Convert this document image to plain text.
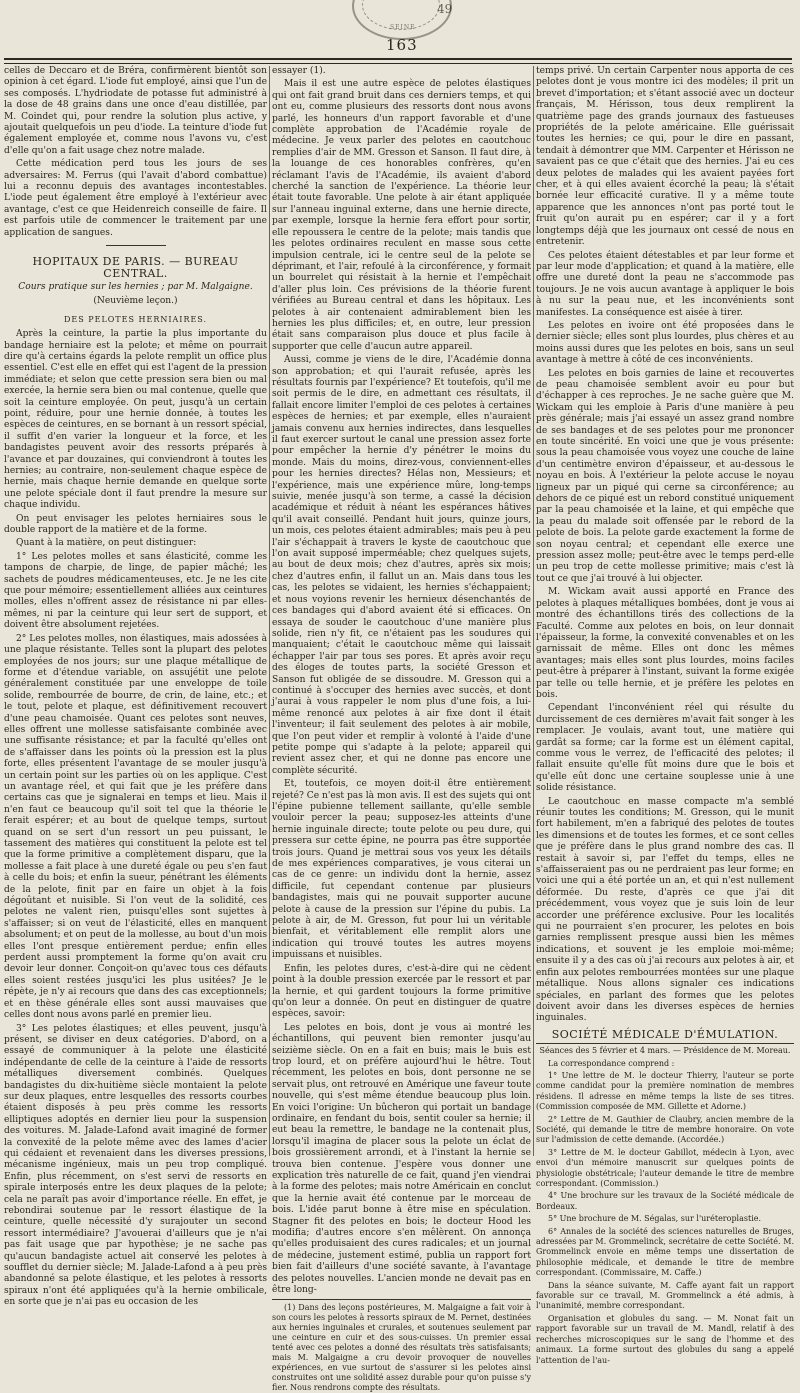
49
SEINE
163

celles de Deccaro et de Bréra, confirmèrent bientôt son opinion à cet égard. L'iode fut employé, ainsi que l'un de ses composés. L'hydriodate de potasse fut administré à la dose de 48 grains dans une once d'eau distillée, par M. Coindet qui, pour rendre la solution plus active, y ajoutait quelquefois un peu d'iode. La teinture d'iode fut également employée et, comme nous l'avons vu, c'est d'elle qu'on a fait usage chez notre malade.

Cette médication perd tous les jours de ses adversaires: M. Ferrus (qui l'avait d'abord combattue) lui a reconnu depuis des avantages incontestables. L'iode peut également être employé à l'extérieur avec avantage, c'est ce que Heidenreich conseille de faire. Il est parfois utile de commencer le traitement par une application de sangues.

HOPITAUX DE PARIS. — BUREAU CENTRAL.

Cours pratique sur les hernies ; par M. Malgaigne.

(Neuvième leçon.)

DES PELOTES HERNIAIRES.

Après la ceinture, la partie la plus importante du bandage herniaire est la pelote; et même on pourrait dire qu'à certains égards la pelote remplit un office plus essentiel. C'est elle en effet qui est l'agent de la pression immédiate; et selon que cette pression sera bien ou mal exercée, la hernie sera bien ou mal contenue, quelle que soit la ceinture employée. On peut, jusqu'à un certain point, réduire, pour une hernie donnée, à toutes les espèces de ceintures, en se bornant à un ressort spécial, il suffit d'en varier la longueur et la force, et les bandagistes peuvent avoir des ressorts préparés à l'avance et par douzaines, qui conviendront à toutes les hernies; au contraire, non-seulement chaque espèce de hernie, mais chaque hernie demande en quelque sorte une pelote spéciale dont il faut prendre la mesure sur chaque individu.

On peut envisager les pelotes herniaires sous le double rapport de la matière et de la forme.

Quant à la matière, on peut distinguer:

1° Les pelotes molles et sans élasticité, comme les tampons de charpie, de linge, de papier mâché; les sachets de poudres médicamenteuses, etc. Je ne les cite que pour mémoire; essentiellement alliées aux ceintures molles, elles n'offrent assez de résistance ni par elles-mêmes, ni par la ceinture qui leur sert de support, et doivent être absolument rejetées.

2° Les pelotes molles, non élastiques, mais adossées à une plaque résistante. Telles sont la plupart des pelotes employées de nos jours; sur une plaque métallique de forme et d'étendue variable, on assujétit une pelote généralement constituée par une enveloppe de toile solide, rembourrée de bourre, de crin, de laine, etc.; et le tout, pelote et plaque, est définitivement recouvert d'une peau chamoisée. Quant ces pelotes sont neuves, elles offrent une mollesse satisfaisante combinée avec une suffisante résistance; et par la faculté qu'elles ont de s'affaisser dans les points où la pression est la plus forte, elles présentent l'avantage de se mouler jusqu'à un certain point sur les parties où on les applique. C'est un avantage réel, et qui fait que je les préfère dans certains cas que je signalerai en temps et lieu. Mais il n'en faut ce beaucoup qu'il soit tel que la théorie le ferait espérer; et au bout de quelque temps, surtout quand on se sert d'un ressort un peu puissant, le tassement des matières qui constituent la pelote est tel que la forme primitive a complètement disparu, que la mollesse a fait place à une dureté égale ou peu s'en faut à celle du bois; et enfin la sueur, pénétrant les éléments de la pelote, finit par en faire un objet à la fois dégoûtant et nuisible. Si l'on veut de la solidité, ces pelotes ne valent rien, puisqu'elles sont sujettes à s'affaisser; si on veut de l'élasticité, elles en manquent absolument; et on peut de la mollesse, au bout d'un mois elles l'ont presque entièrement perdue; enfin elles perdent aussi promptement la forme qu'on avait cru devoir leur donner. Conçoit-on qu'avec tous ces défauts elles soient restées jusqu'ici les plus usitées? Je le répète, je n'y ai recours que dans des cas exceptionnels; et en thèse générale elles sont aussi mauvaises que celles dont nous avons parlé en premier lieu.

3° Les pelotes élastiques; et elles peuvent, jusqu'à présent, se diviser en deux catégories. D'abord, on a essayé de communiquer à la pelote une élasticité indépendante de celle de la ceinture à l'aide de ressorts métalliques diversement combinés. Quelques bandagistes du dix-huitième siècle montaient la pelote sur deux plaques, entre lesquelles des ressorts courbes étaient disposés à peu près comme les ressorts elliptiques adoptés en dernier lieu pour la suspension des voitures. M. Jalade-Lafond avait imaginé de former la convexité de la pelote même avec des lames d'acier qui cédaient et revenaient dans les diverses pressions, mécanisme ingénieux, mais un peu trop compliqué. Enfin, plus récemment, on s'est servi de ressorts en spirale interposés entre les deux plaques de la pelote; cela ne paraît pas avoir d'importance réelle. En effet, je rebondirai soutenue par le ressort élastique de la ceinture, quelle nécessité d'y surajouter un second ressort intermédiaire? J'avouerai d'ailleurs que je n'ai pas fait usage que par hypothèse; je ne sache pas qu'aucun bandagiste actuel ait conservé les pelotes à soufflet du dernier siècle; M. Jalade-Lafond a à peu près abandonné sa pelote élastique, et les pelotes à ressorts spiraux n'ont été appliquées qu'à la hernie ombilicale, en sorte que je n'ai pas eu occasion de les

essayer (1).

Mais il est une autre espèce de pelotes élastiques qui ont fait grand bruit dans ces derniers temps, et qui ont eu, comme plusieurs des ressorts dont nous avons parlé, les honneurs d'un rapport favorable et d'une complète approbation de l'Académie royale de médecine. Je veux parler des pelotes en caoutchouc remplies d'air de MM. Gresson et Sanson. Il faut dire, à la louange de ces honorables confrères, qu'en réclamant l'avis de l'Académie, ils avaient d'abord cherché la sanction de l'expérience. La théorie leur était toute favorable. Une pelote à air étant appliquée sur l'anneau inguinal externe, dans une hernie directe, par exemple, lorsque la hernie fera effort pour sortir, elle repoussera le centre de la pelote; mais tandis que les pelotes ordinaires reculent en masse sous cette impulsion centrale, ici le centre seul de la pelote se déprimant, et l'air, refoulé à la circonférence, y formait un bourrelet qui résistait à la hernie et l'empêchait d'aller plus loin. Ces prévisions de la théorie furent vérifiées au Bureau central et dans les hôpitaux. Les pelotes à air contenaient admirablement bien les hernies les plus difficiles; et, en outre, leur pression était sans comparaison plus douce et plus facile à supporter que celle d'aucun autre appareil.

Aussi, comme je viens de le dire, l'Académie donna son approbation; et qui l'aurait refusée, après les résultats fournis par l'expérience? Et toutefois, qu'il me soit permis de le dire, en admettant ces résultats, il fallait encore limiter l'emploi de ces pelotes à certaines espèces de hernies; et par exemple, elles n'auraient jamais convenu aux hernies indirectes, dans lesquelles il faut exercer surtout le canal une pression assez forte pour empêcher la hernie d'y pénétrer le moins du monde. Mais du moins, direz-vous, conviennent-elles pour les hernies directes? Hélas non, Messieurs; et l'expérience, mais une expérience mûre, long-temps suivie, menée jusqu'à son terme, a cassé la décision académique et réduit à néant les espérances hâtives qu'il avait conseillé. Pendant huit jours, quinze jours, un mois, ces pelotes étaient admirables; mais peu à peu l'air s'échappait à travers le kyste de caoutchouc que l'on avait supposé imperméable; chez quelques sujets, au bout de deux mois; chez d'autres, après six mois; chez d'autres enfin, il fallut un an. Mais dans tous les cas, les pelotes se vidaient, les hernies s'échappaient; et nous voyions revenir les hernieux désenchantés de ces bandages qui d'abord avaient été si efficaces. On essaya de souder le caoutchouc d'une manière plus solide, rien n'y fit, ce n'étaient pas les soudures qui manquaient; c'était le caoutchouc même qui laissait échapper l'air par tous ses pores. Et après avoir reçu des éloges de toutes parts, la société Gresson et Sanson fut obligée de se dissoudre. M. Gresson qui a continué à s'occuper des hernies avec succès, et dont j'aurai à vous rappeler le nom plus d'une fois, a lui-même renoncé aux pelotes à air fixe dont il était l'inventeur; il fait seulement des pelotes à air mobile, que l'on peut vider et remplir à volonté à l'aide d'une petite pompe qui s'adapte à la pelote; appareil qui revient assez cher, et qui ne donne pas encore une complète sécurité.

Et, toutefois, ce moyen doit-il être entièrement rejeté? Ce n'est pas là mon avis. Il est des sujets qui ont l'épine pubienne tellement saillante, qu'elle semble vouloir percer la peau; supposez-les atteints d'une hernie inguinale directe; toute pelote ou peu dure, qui pressera sur cette épine, ne pourra pas être supportée trois jours. Quand je mettrai sous vos yeux les détails de mes expériences comparatives, je vous citerai un cas de ce genre: un individu dont la hernie, assez difficile, fut cependant contenue par plusieurs bandagistes, mais qui ne pouvait supporter aucune pelote à cause de la pression sur l'épine du pubis. La pelote à air, de M. Gresson, fut pour lui un véritable bienfait, et véritablement elle remplit alors une indication qui trouvé toutes les autres moyens impuissans et nuisibles.

Enfin, les pelotes dures, c'est-à-dire qui ne cèdent point à la double pression exercée par le ressort et par la hernie, et qui gardent toujours la forme primitive qu'on leur a donnée. On peut en distinguer de quatre espèces, savoir:

Les pelotes en bois, dont je vous ai montré les échantillons, qui peuvent bien remonter jusqu'au seizième siècle. On en a fait en buis; mais le buis est trop lourd, et on préfère aujourd'hui le hêtre. Tout récemment, les pelotes en bois, dont personne ne se servait plus, ont retrouvé en Amérique une faveur toute nouvelle, qui s'est même étendue beaucoup plus loin. En voici l'origine: Un bûcheron qui portait un bandage ordinaire, en fendant du bois, sentit couler sa hernie; il eut beau la remettre, le bandage ne la contenait plus, lorsqu'il imagina de placer sous la pelote un éclat de bois grossièrement arrondi, et à l'instant la hernie se trouva bien contenue. J'espère vous donner une explication très naturelle de ce fait, quand j'en viendrai à la forme des pelotes; mais notre Américain en conclut que la hernie avait été contenue par le morceau de bois. L'idée parut bonne à être mise en spéculation. Stagner fit des pelotes en bois; le docteur Hood les modifia; d'autres encore s'en mêlèrent. On annonça qu'elles produisaient des cures radicales; et un journal de médecine, justement estimé, publia un rapport fort bien fait d'ailleurs d'une société savante, à l'avantage des pelotes nouvelles. L'ancien monde ne devait pas en être long-

(1) Dans des leçons postérieures, M. Malgaigne a fait voir à son cours les pelotes à ressorts spiraux de M. Pernet, destinées aux hernies inguinales et crurales, et soutenues seulement par une ceinture en cuir et des sous-cuisses. Un premier essai tenté avec ces pelotes a donné des résultats très satisfaisants; mais M. Malgaigne a cru devoir provoquer de nouvelles expériences, en vue surtout de s'assurer si les pelotes ainsi construites ont une solidité assez durable pour qu'on puisse s'y fier. Nous rendrons compte des résultats.

temps privé. Un certain Carpenter nous apporta de ces pelotes dont je vous montre ici des modèles; il prit un brevet d'importation; et s'étant associé avec un docteur français, M. Hérisson, tous deux remplirent la quatrième page des grands journaux des fastueuses propriétés de la pelote américaine. Elle guérissait toutes les hernies; ce qui, pour le dire en passant, tendait à démontrer que MM. Carpenter et Hérisson ne savaient pas ce que c'était que des hernies. J'ai eu ces deux pelotes de malades qui les avaient payées fort cher, et à qui elles avaient écorché la peau; là s'était bornée leur efficacité curative. Il y a même toute apparence que les annonces n'ont pas porté tout le fruit qu'on aurait pu en espérer; car il y a fort longtemps déjà que les journaux ont cessé de nous en entretenir.

Ces pelotes étaient détestables et par leur forme et par leur mode d'application; et quand à la matière, elle offre une dureté dont la peau ne s'accommode pas toujours. Je ne vois aucun avantage à appliquer le bois à nu sur la peau nue, et les inconvénients sont manifestes. La conséquence est aisée à tirer.

Les pelotes en ivoire ont été proposées dans le dernier siècle; elles sont plus lourdes, plus chères et au moins aussi dures que les pelotes en bois, sans un seul avantage à mettre à côté de ces inconvénients.

Les pelotes en bois garnies de laine et recouvertes de peau chamoisée semblent avoir eu pour but d'échapper à ces reproches. Je ne sache guère que M. Wickam qui les emploie à Paris d'une manière à peu près générale; mais j'ai essayé un assez grand nombre de ses bandages et de ses pelotes pour me prononcer en toute sincérité. En voici une que je vous présente: sous la peau chamoisée vous voyez une couche de laine d'un centimètre environ d'épaisseur, et au-dessous le noyau en bois. À l'extérieur la pelote accuse le noyau ligneux par un piqué qui cerne sa circonférence; au dehors de ce piqué est un rebord constitué uniquement par la peau chamoisée et la laine, et qui empêche que la peau du malade soit offensée par le rebord de la pelote de bois. La pelote garde exactement la forme de son noyau central; et cependant elle exerce une pression assez molle; peut-être avec le temps perd-elle un peu trop de cette mollesse primitive; mais c'est là tout ce que j'ai trouvé à lui objecter.

M. Wickam avait aussi apporté en France des pelotes à plaques métalliques bombées, dont je vous ai montré des échantillons tirés des collections de la Faculté. Comme aux pelotes en bois, on leur donnait l'épaisseur, la forme, la convexité convenables et on les garnissait de même. Elles ont donc les mêmes avantages; mais elles sont plus lourdes, moins faciles peut-être à préparer à l'instant, suivant la forme exigée par telle ou telle hernie, et je préfère les pelotes en bois.

Cependant l'inconvénient réel qui résulte du durcissement de ces dernières m'avait fait songer à les remplacer. Je voulais, avant tout, une matière qui gardât sa forme; car la forme est un élément capital, comme vous le verrez, de l'efficacité des pelotes; il fallait ensuite qu'elle fût moins dure que le bois et qu'elle eût donc une certaine souplesse unie à une solide résistance.

Le caoutchouc en masse compacte m'a semblé réunir toutes les conditions; M. Gresson, qui le munit fort habilement, m'en a fabriqué des pelotes de toutes les dimensions et de toutes les formes, et ce sont celles que je préfère dans le plus grand nombre des cas. Il restait à savoir si, par l'effet du temps, elles ne s'affaisseraient pas ou ne perdraient pas leur forme; en voici une qui a été portée un an, et qui n'est nullement déformée. Du reste, d'après ce que j'ai dit précédemment, vous voyez que je suis loin de leur accorder une préférence exclusive. Pour les localités qui ne pourraient s'en procurer, les pelotes en bois garnies remplissent presque aussi bien les mêmes indications, et souvent je les emploie moi-même; ensuite il y a des cas où j'ai recours aux pelotes à air, et enfin aux pelotes rembourrées montées sur une plaque métallique. Nous allons signaler ces indications spéciales, en parlant des formes que les pelotes doivent avoir dans les diverses espèces de hernies inguinales.

SOCIÉTÉ MÉDICALE D'ÉMULATION.

Séances des 5 février et 4 mars. — Présidence de M. Moreau.

La correspondance comprend :

1° Une lettre de M. le docteur Thierry, l'auteur se porte comme candidat pour la première nomination de membres résidens. Il adresse en même temps la liste de ses titres. (Commission composée de MM. Gillette et Adorne.)

2° Lettre de M. Gauthier de Claubry, ancien membre de la Société, qui demande le titre de membre honoraire. On vote sur l'admission de cette demande. (Accordée.)

3° Lettre de M. le docteur Gabillot, médecin à Lyon, avec envoi d'un mémoire manuscrit sur quelques points de physiologie obstétricale; l'auteur demande le titre de membre correspondant. (Commission.)

4° Une brochure sur les travaux de la Société médicale de Bordeaux.

5° Une brochure de M. Ségalas, sur l'uréteroplastie.

6° Annales de la société des sciences naturelles de Bruges, adressées par M. Grommelinck, secrétaire de cette Société. M. Grommelinck envoie en même temps une dissertation de philosophie médicale, et demande le titre de membre correspondant. (Commissaire, M. Caffe.)

Dans la séance suivante, M. Caffe ayant fait un rapport favorable sur ce travail, M. Grommelinck a été admis, à l'unanimité, membre correspondant.

Organisation et globules du sang. — M. Nonat fait un rapport favorable sur un travail de M. Mandl, relatif à des recherches microscopiques sur le sang de l'homme et des animaux. La forme surtout des globules du sang a appelé l'attention de l'au-
